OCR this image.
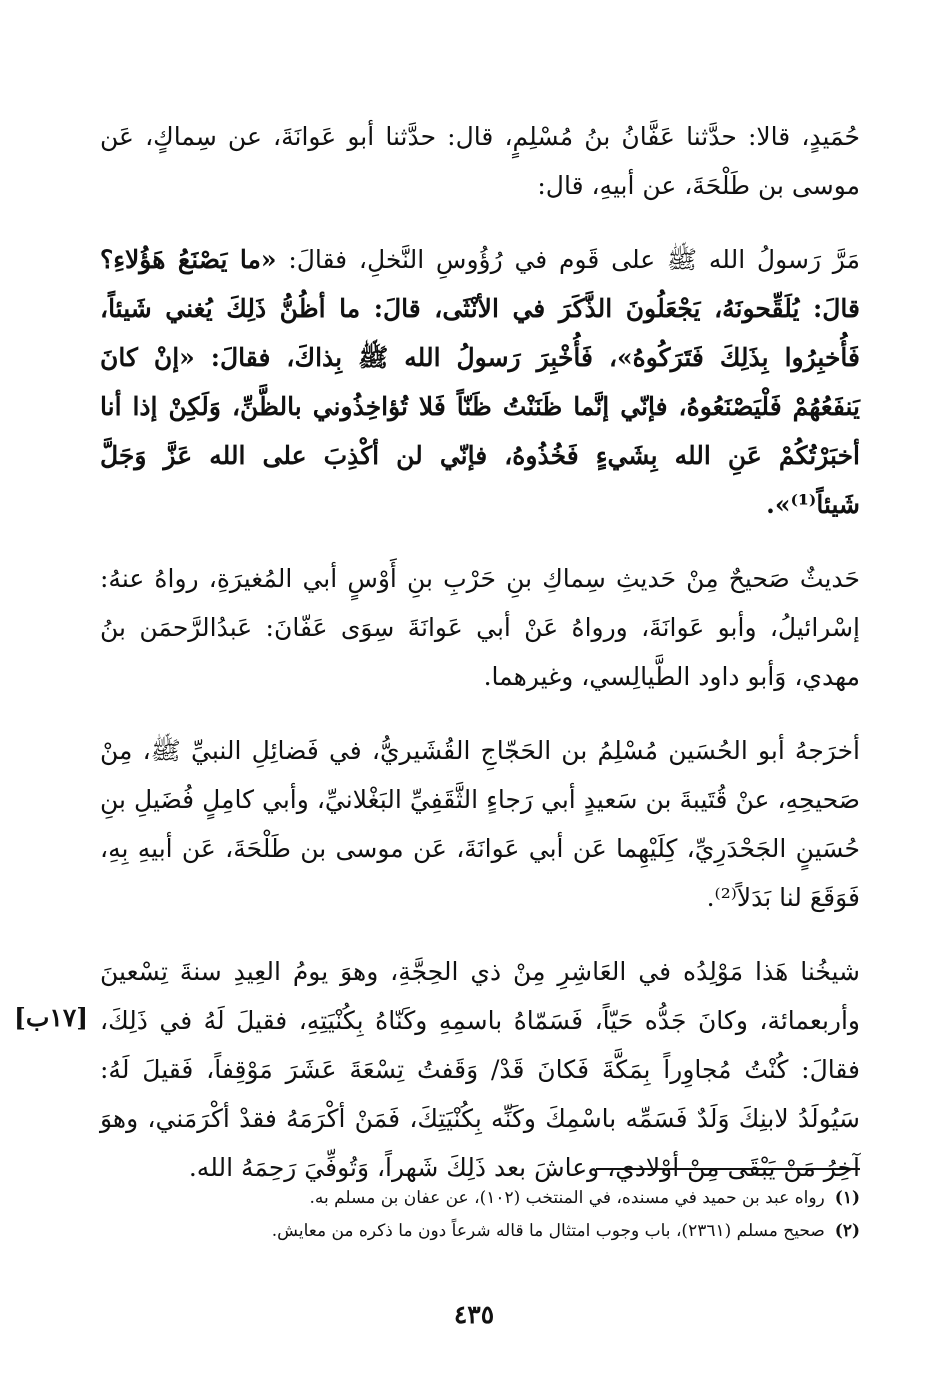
حُمَيدٍ، قالا: حدَّثنا عَفَّانُ بنُ مُسْلِمٍ، قال: حدَّثنا أبو عَوانَةَ، عن سِماكٍ، عَن موسى بن طَلْحَةَ، عن أبيهِ، قال:

مَرَّ رَسولُ الله ﷺ على قَوم في رُؤُوسِ النَّخلِ، فقالَ: «ما يَصْنَعُ هَؤُلاءِ؟ قالَ: يُلَقِّحونَهُ، يَجْعَلُونَ الذَّكَرَ في الأنْثَى، قالَ: ما أظُنُّ ذَلِكَ يُغني شَيئاً، فَأُخبِرُوا بِذَلِكَ فَتَرَكُوهُ»، فَأُخْبِرَ رَسولُ الله ﷺ بِذاكَ، فقالَ: «إنْ كانَ يَنفَعُهُمْ فَلْيَصْنَعُوهُ، فإنّي إنَّما ظَنَنْتُ ظَنّاً فَلا تُؤاخِذُوني بالظَّنِّ، وَلَكِنْ إذا أنا أخبَرْتُكُمْ عَنِ الله بِشَيءٍ فَخُذُوهُ، فإنّي لن أكْذِبَ على الله عَزَّ وَجَلَّ شَيئاً⁽¹⁾».

حَديثٌ صَحيحٌ مِنْ حَديثِ سِماكِ بنِ حَرْبِ بنِ أَوْسٍ أبي المُغيرَةِ، رواهُ عنهُ: إسْرائيلُ، وأبو عَوانَةَ، ورواهُ عَنْ أبي عَوانَةَ سِوَى عَفّانَ: عَبدُالرَّحمَن بنُ مهدي، وَأبو داود الطَّيالِسي، وغيرهما.

أخرَجهُ أبو الحُسَين مُسْلِمُ بن الحَجّاجِ القُشَيريُّ، في فَضائِلِ النبيِّ ﷺ، مِنْ صَحيحِهِ، عنْ قُتَيبةَ بن سَعيدٍ أبي رَجاءٍ الثَّقَفِيِّ البَغْلانيِّ، وأبي كامِلٍ فُضَيلِ بنِ حُسَينٍ الجَحْدَرِيِّ، كِلَيْهِما عَن أبي عَوانَةَ، عَن موسى بن طَلْحَةَ، عَن أبيهِ بِهِ، فَوَقَعَ لنا بَدَلاً⁽²⁾.

شيخُنا هَذا مَوْلِدُه في العَاشِرِ مِنْ ذي الحِجَّةِ، وهوَ يومُ العِيدِ سنةَ تِسْعينَ وأربعمائة، وكانَ جَدُّه حَيّاً، فَسَمّاهُ باسمِهِ وكَنّاهُ بِكُنْيَتِهِ، فقيلَ لَهُ في ذَلِكَ، فقالَ: كُنْتُ مُجاوِراً بِمَكَّةَ فَكانَ قَدْ/ وَقَفتُ تِسْعَةَ عَشَرَ مَوْقِفاً، فَقيلَ لَهُ: سَيُولَدُ لابنِكَ وَلَدٌ فَسَمِّه باسْمِكَ وكَنِّه بِكُنْيَتِكَ، فَمَنْ أكْرَمَهُ فقدْ أكْرَمَني، وهوَ آخِرُ مَنْ يَبْقَى مِنْ أوْلادي، وعاشَ بعد ذَلِكَ شَهراً، وَتُوفِّيَ رَحِمَهُ الله.

[١٧ب]

(١)رواه عبد بن حميد في مسنده، في المنتخب (١٠٢)، عن عفان بن مسلم به.

(٢)صحيح مسلم (٢٣٦١)، باب وجوب امتثال ما قاله شرعاً دون ما ذكره من معايش.

٤٣٥
